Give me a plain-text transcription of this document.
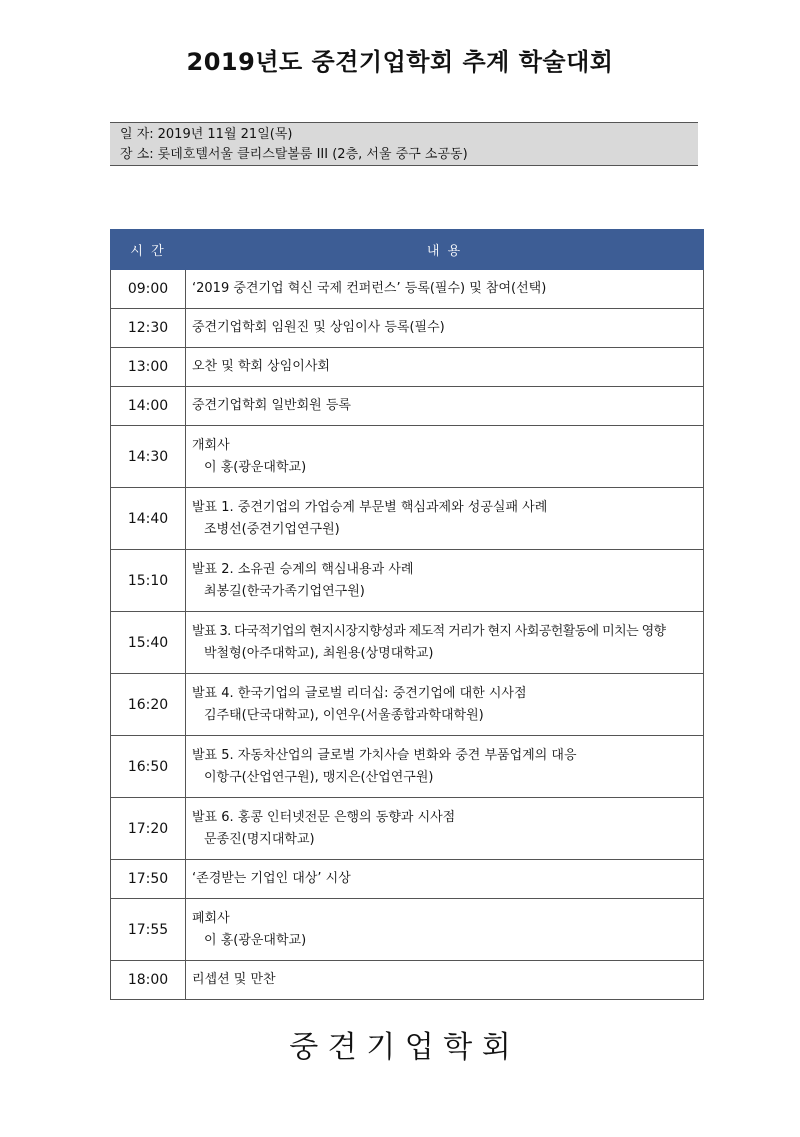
2019년도 중견기업학회 추계 학술대회
일 자: 2019년 11월 21일(목)
장 소: 롯데호텔서울 클리스탈볼룸 III (2층, 서울 중구 소공동)
시 간	내 용
09:00	‘2019 중견기업 혁신 국제 컨퍼런스’ 등록(필수) 및 참여(선택)

12:30	중견기업학회 임원진 및 상임이사 등록(필수)

13:00	오찬 및 학회 상임이사회

14:00	중견기업학회 일반회원 등록

14:30	개회사
이 홍(광운대학교)

14:40	발표 1. 중견기업의 가업승계 부문별 핵심과제와 성공실패 사례
조병선(중견기업연구원)

15:10	발표 2. 소유권 승계의 핵심내용과 사례
최봉길(한국가족기업연구원)

15:40	발표 3. 다국적기업의 현지시장지향성과 제도적 거리가 현지 사회공헌활동에 미치는 영향
박철형(아주대학교), 최원용(상명대학교)

16:20	발표 4. 한국기업의 글로벌 리더십: 중견기업에 대한 시사점
김주태(단국대학교), 이연우(서울종합과학대학원)

16:50	발표 5. 자동차산업의 글로벌 가치사슬 변화와 중견 부품업계의 대응
이항구(산업연구원), 맹지은(산업연구원)

17:20	발표 6. 홍콩 인터넷전문 은행의 동향과 시사점
문종진(명지대학교)

17:50	‘존경받는 기업인 대상’ 시상

17:55	폐회사
이 홍(광운대학교)

18:00	리셉션 및 만찬
중 견 기 업 학 회
